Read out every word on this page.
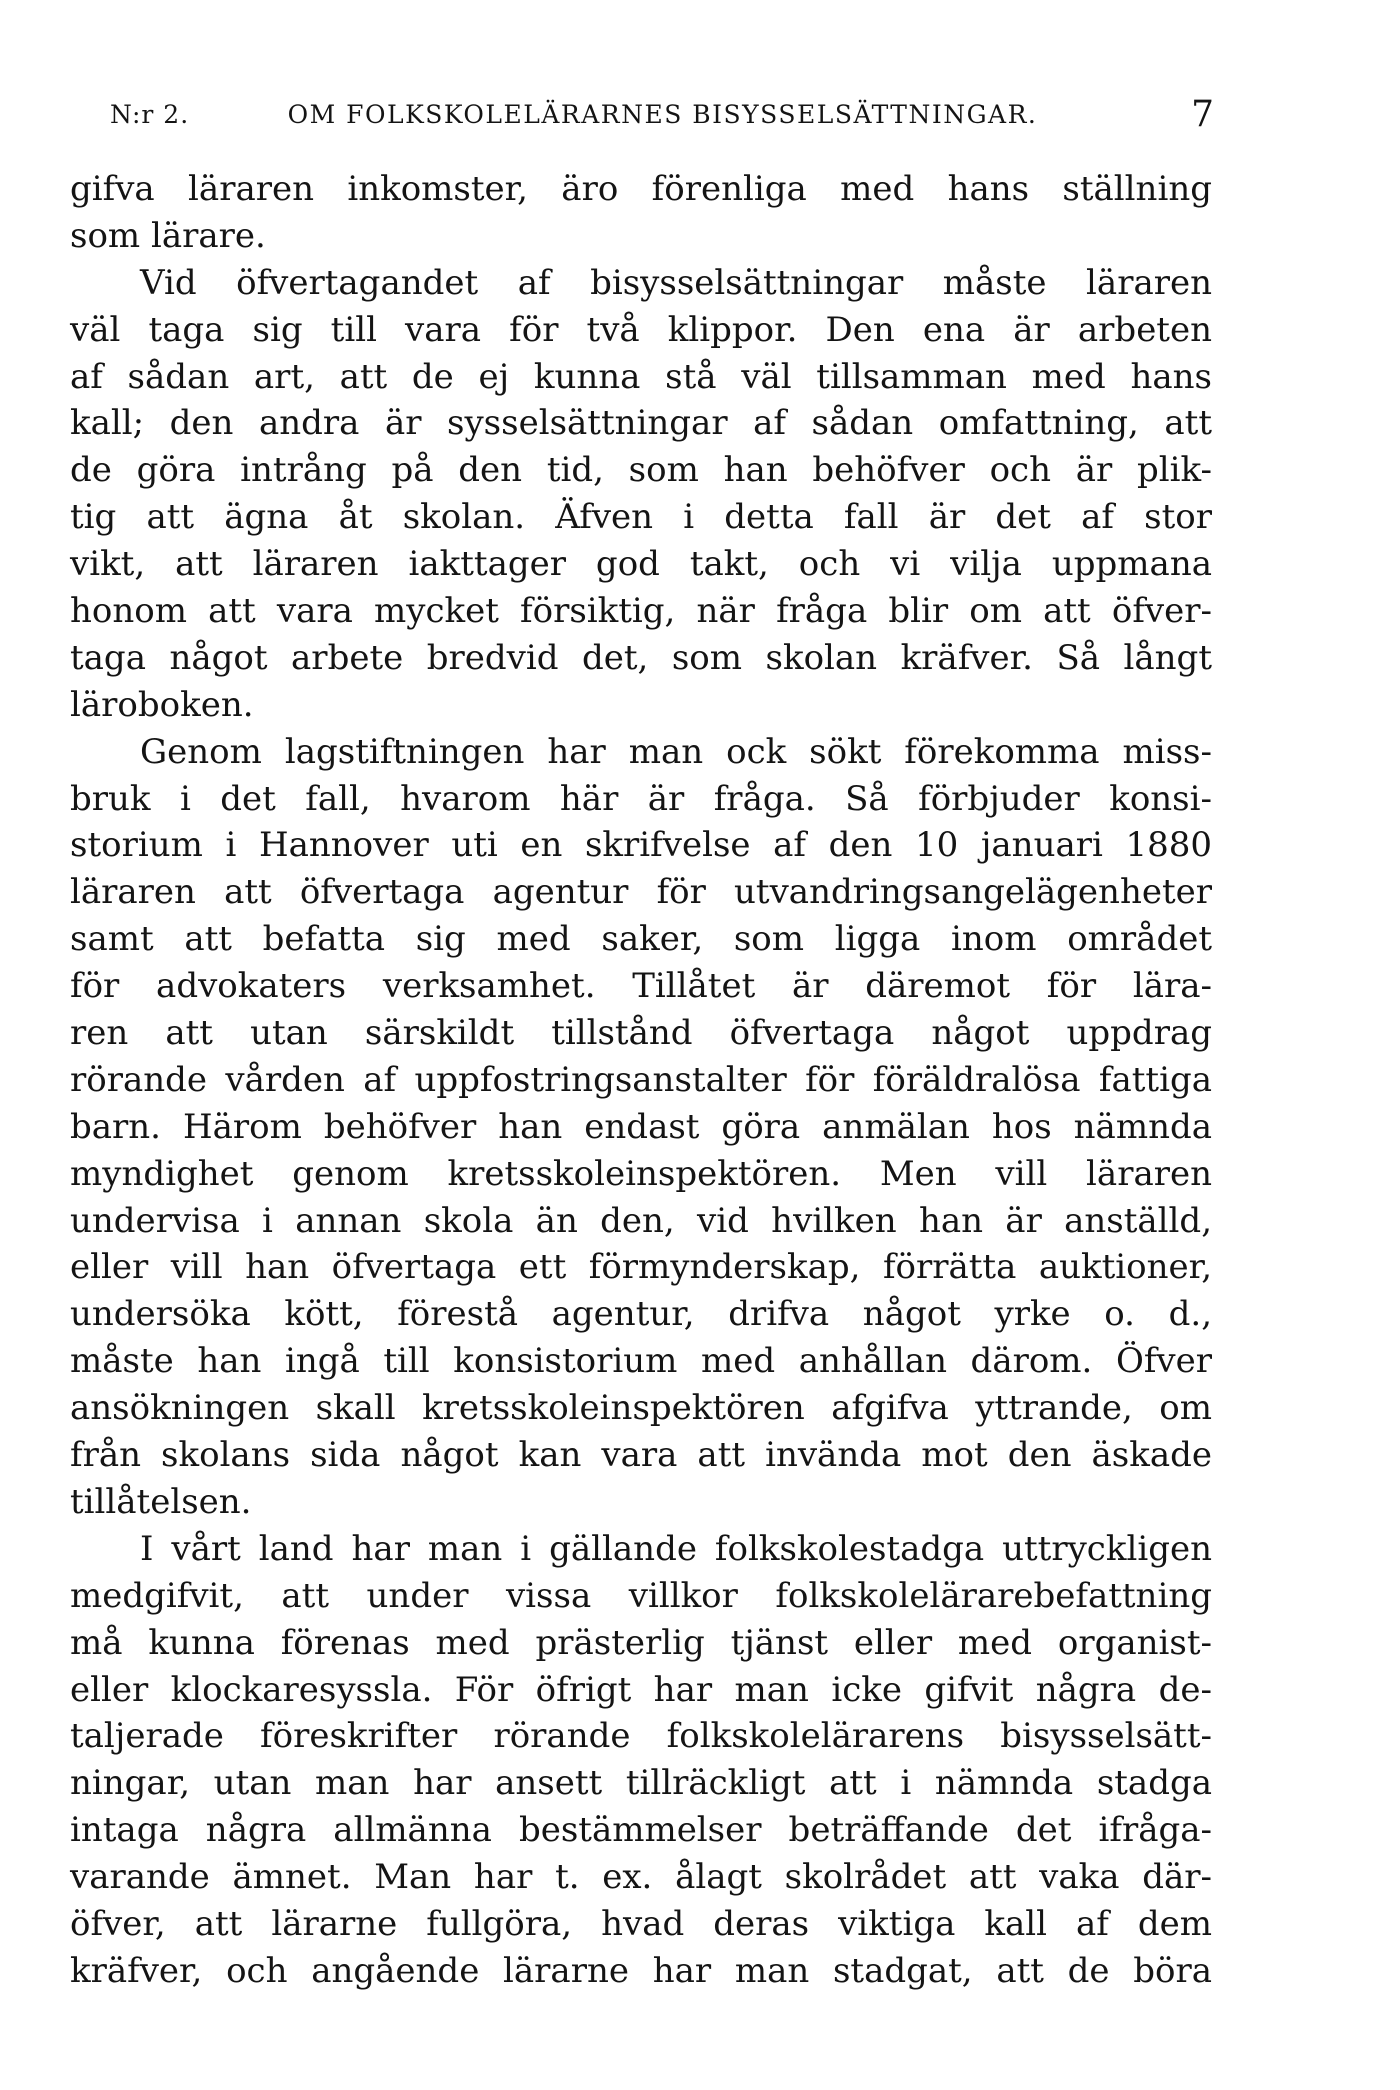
N:r 2.	OM FOLKSKOLELÄRARNES BISYSSELSÄTTNINGAR.	7

gifva läraren inkomster, äro förenliga med hans ställning
som lärare.

Vid öfvertagandet af bisysselsättningar måste läraren
väl taga sig till vara för två klippor. Den ena är arbeten
af sådan art, att de ej kunna stå väl tillsamman med hans
kall; den andra är sysselsättningar af sådan omfattning, att
de göra intrång på den tid, som han behöfver och är plik-
tig att ägna åt skolan. Äfven i detta fall är det af stor
vikt, att läraren iakttager god takt, och vi vilja uppmana
honom att vara mycket försiktig, när fråga blir om att öfver-
taga något arbete bredvid det, som skolan kräfver. Så långt
läroboken.

Genom lagstiftningen har man ock sökt förekomma miss-
bruk i det fall, hvarom här är fråga. Så förbjuder konsi-
storium i Hannover uti en skrifvelse af den 10 januari 1880
läraren att öfvertaga agentur för utvandringsangelägenheter
samt att befatta sig med saker, som ligga inom området
för advokaters verksamhet. Tillåtet är däremot för lära-
ren att utan särskildt tillstånd öfvertaga något uppdrag
rörande vården af uppfostringsanstalter för föräldralösa fattiga
barn. Härom behöfver han endast göra anmälan hos nämnda
myndighet genom kretsskoleinspektören. Men vill läraren
undervisa i annan skola än den, vid hvilken han är anställd,
eller vill han öfvertaga ett förmynderskap, förrätta auktioner,
undersöka kött, förestå agentur, drifva något yrke o. d.,
måste han ingå till konsistorium med anhållan därom. Öfver
ansökningen skall kretsskoleinspektören afgifva yttrande, om
från skolans sida något kan vara att invända mot den äskade
tillåtelsen.

I vårt land har man i gällande folkskolestadga uttryckligen
medgifvit, att under vissa villkor folkskolelärarebefattning
må kunna förenas med prästerlig tjänst eller med organist-
eller klockaresyssla. För öfrigt har man icke gifvit några de-
taljerade föreskrifter rörande folkskolelärarens bisysselsätt-
ningar, utan man har ansett tillräckligt att i nämnda stadga
intaga några allmänna bestämmelser beträffande det ifråga-
varande ämnet. Man har t. ex. ålagt skolrådet att vaka där-
öfver, att lärarne fullgöra, hvad deras viktiga kall af dem
kräfver, och angående lärarne har man stadgat, att de böra
